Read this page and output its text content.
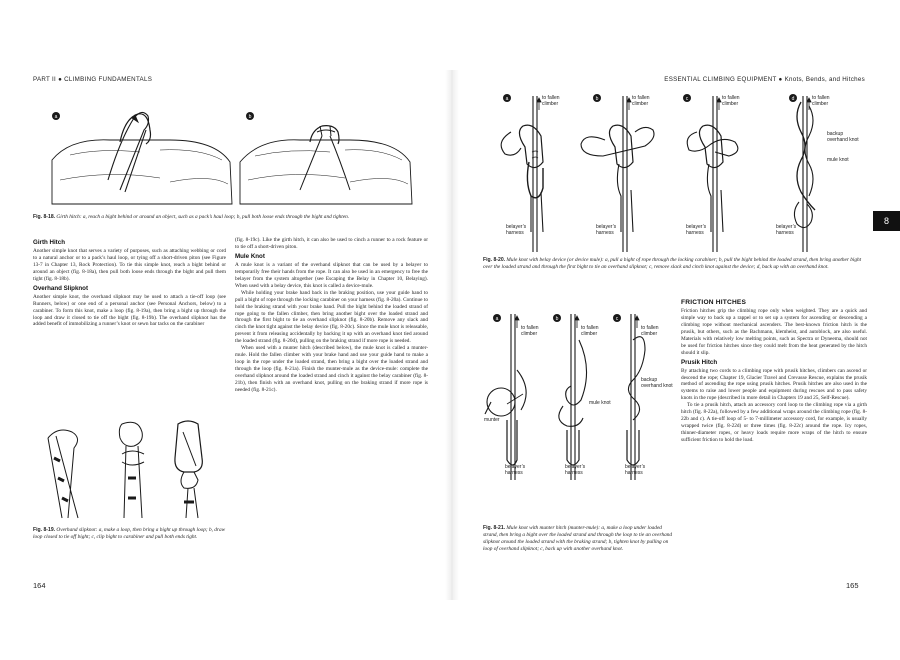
PART II ● CLIMBING FUNDAMENTALS
a	b
Fig. 8-18. Girth hitch: a, reach a bight behind or around an object, such as a pack’s haul loop; b, pull both loose ends through the bight and tighten.
Girth Hitch

Another simple knot that serves a variety of purposes, such as attaching webbing or cord to a natural anchor or to a pack’s haul loop, or tying off a short-driven piton (see Figure 13-7 in Chapter 13, Rock Protection). To tie this simple knot, reach a bight behind or around an object (fig. 8-18a), then pull both loose ends through the bight and pull them tight (fig. 8-18b).

Overhand Slipknot

Another simple knot, the overhand slipknot may be used to attach a tie-off loop (see Runners, below) or one end of a personal anchor (see Personal Anchors, below) to a carabiner. To form this knot, make a loop (fig. 8-19a), then bring a bight up through the loop and draw it closed to tie off the bight (fig. 8-19b). The overhand slipknot has the added benefit of immobilizing a runner’s knot or sewn bar tacks on the carabiner

Fig. 8-19. Overhand slipknot: a, make a loop, then bring a bight up through loop; b, draw loop closed to tie off bight; c, clip bight to carabiner and pull both ends tight.

(fig. 8-19c). Like the girth hitch, it can also be used to cinch a runner to a rock feature or to tie off a short-driven piton.

Mule Knot

A mule knot is a variant of the overhand slipknot that can be used by a belayer to temporarily free their hands from the rope. It can also be used in an emergency to free the belayer from the system altogether (see Escaping the Belay in Chapter 10, Belaying). When used with a belay device, this knot is called a device-mule.

While holding your brake hand back in the braking position, use your guide hand to pull a bight of rope through the locking carabiner on your harness (fig. 8-20a). Continue to hold the braking strand with your brake hand. Pull the bight behind the loaded strand of rope going to the fallen climber, then bring another bight over the loaded strand and through the first bight to tie an overhand slipknot (fig. 8-20b). Remove any slack and cinch the knot tight against the belay device (fig. 8-20c). Since the mule knot is releasable, prevent it from releasing accidentally by backing it up with an overhand knot tied around the loaded strand (fig. 8-20d), pulling on the braking strand if more rope is needed.

When used with a munter hitch (described below), the mule knot is called a munter-mule. Hold the fallen climber with your brake hand and use your guide hand to make a loop in the rope under the loaded strand, then bring a bight over the loaded strand and through the loop (fig. 8-21a). Finish the munter-mule as the device-mule: complete the overhand slipknot around the loaded strand and cinch it against the belay carabiner (fig. 8-21b), then finish with an overhand knot, pulling on the braking strand if more rope is needed (fig. 8-21c).

164
ESSENTIAL CLIMBING EQUIPMENT ● Knots, Bends, and Hitches
8
a	b	c	d
to fallen climber
to fallen climber
to fallen climber
to fallen climber
backup overhand knot
mule knot
belayer’s harness
belayer’s harness
belayer’s harness
belayer’s harness
Fig. 8-20. Mule knot with belay device (or device mule): a, pull a bight of rope through the locking carabiner; b, pull the bight behind the loaded strand, then bring another bight over the loaded strand and through the first bight to tie an overhand slipknot; c, remove slack and cinch knot against the device; d, back up with an overhand knot.
a	b	c
to fallen climber
to fallen climber
to fallen climber
munter
mule knot
backup overhand knot
belayer’s harness
belayer’s harness
belayer’s harness
Fig. 8-21. Mule knot with munter hitch (munter-mule): a, make a loop under loaded strand, then bring a bight over the loaded strand and through the loop to tie an overhand slipknot around the loaded strand with the braking strand; b, tighten knot by pulling on loop of overhand slipknot; c, back up with another overhand knot.
FRICTION HITCHES

Friction hitches grip the climbing rope only when weighted. They are a quick and simple way to back up a rappel or to set up a system for ascending or descending a climbing rope without mechanical ascenders. The best-known friction hitch is the prusik, but others, such as the Bachmann, klemheist, and autoblock, are also useful. Materials with relatively low melting points, such as Spectra or Dyneema, should not be used for friction hitches since they could melt from the heat generated by the hitch should it slip.

Prusik Hitch

By attaching two cords to a climbing rope with prusik hitches, climbers can ascend or descend the rope; Chapter 19, Glacier Travel and Crevasse Rescue, explains the prusik method of ascending the rope using prusik hitches. Prusik hitches are also used in the systems to raise and lower people and equipment during rescues and to pass safety knots in the rope (described in more detail in Chapters 19 and 25, Self-Rescue).

To tie a prusik hitch, attach an accessory cord loop to the climbing rope via a girth hitch (fig. 8-22a), followed by a few additional wraps around the climbing rope (fig. 8-22b and c). A tie-off loop of 5- to 7-millimeter accessory cord, for example, is usually wrapped twice (fig. 8-22d) or three times (fig. 8-22c) around the rope. Icy ropes, thinner-diameter ropes, or heavy loads require more wraps of the hitch to ensure sufficient friction to hold the load.

165
